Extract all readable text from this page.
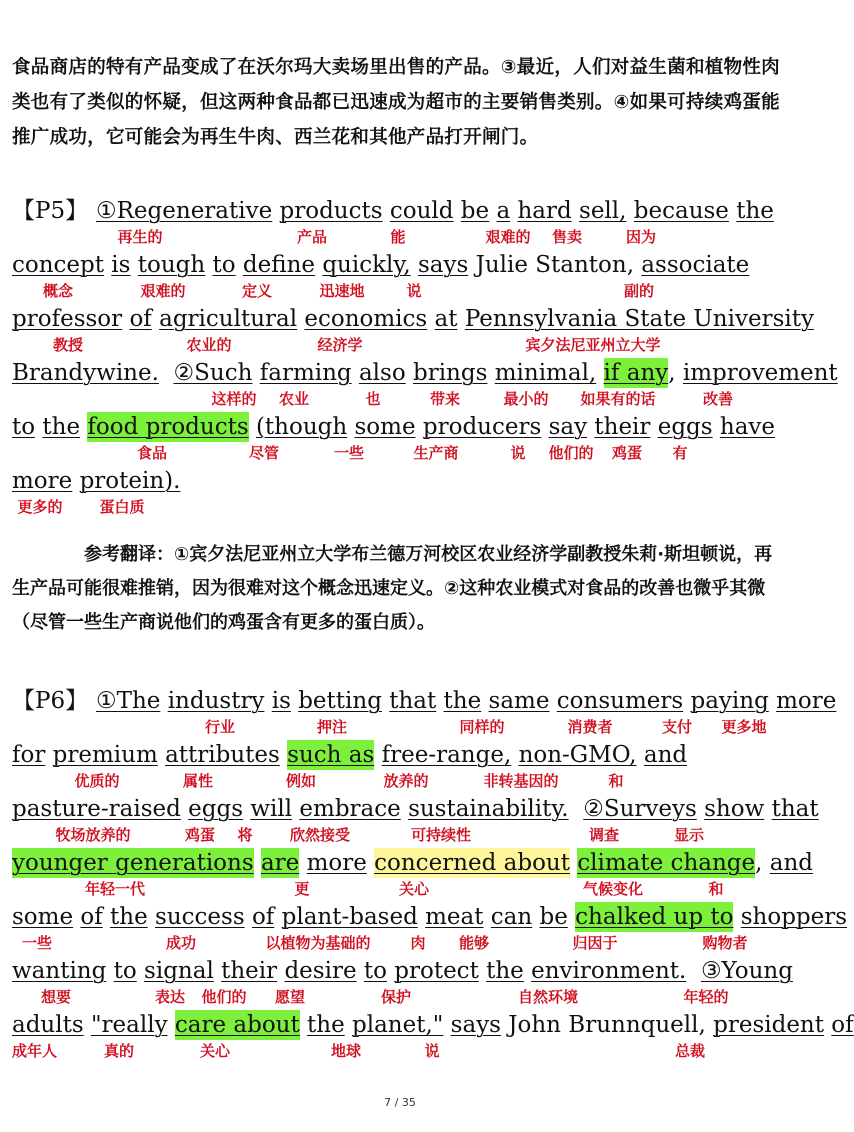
食品商店的特有产品变成了在沃尔玛大卖场里出售的产品。③最近，人们对益生菌和植物性肉类也有了类似的怀疑，但这两种食品都已迅速成为超市的主要销售类别。④如果可持续鸡蛋能推广成功，它可能会为再生牛肉、西兰花和其他产品打开闸门。
【P5】 ①Regenerative
再生的
products
产品
could
能
be a hard
艰难的
sell,
售卖
because
因为
the
concept
概念
is tough
艰难的
to define
定义
quickly,
迅速地
says
说
Julie Stanton, associate
副的
professor
教授
of agricultural
农业的
economics
经济学
at Pennsylvania State University
宾夕法尼亚州立大学
Brandywine. ②Such
这样的
farming
农业
also
也
brings
带来
minimal,
最小的
if any
如果有的话
, improvement
改善
to the food products
食品
(though
尽管
some
一些
producers
生产商
say
说
their
他们的
eggs
鸡蛋
have
有
more
更多的
protein).
蛋白质
参考翻译：①宾夕法尼亚州立大学布兰德万河校区农业经济学副教授朱莉·斯坦顿说，再生产品可能很难推销，因为很难对这个概念迅速定义。②这种农业模式对食品的改善也微乎其微（尽管一些生产商说他们的鸡蛋含有更多的蛋白质）。
【P6】 ①The industry
行业
is betting
押注
that the same
同样的
consumers
消费者
paying
支付
more
更多地
for premium
优质的
attributes
属性
such as
例如
free-range,
放养的
non-GMO,
非转基因的
and
和
pasture-raised
牧场放养的
eggs
鸡蛋
will
将
embrace
欣然接受
sustainability.
可持续性
②Surveys
调查
show
显示
that
younger generations
年轻一代
are more
更
concerned about
关心
climate change
气候变化
, and
和
some
一些
of the success
成功
of plant-based
以植物为基础的
meat
肉
can be
能够
chalked up to
归因于
shoppers
购物者
wanting
想要
to signal
表达
their
他们的
desire
愿望
to protect
保护
the environment.
自然环境
③Young
年轻的
adults
成年人
"really
真的
care about
关心
the planet,"
地球
says
说
John Brunnquell, president
总裁
of
7 / 35
